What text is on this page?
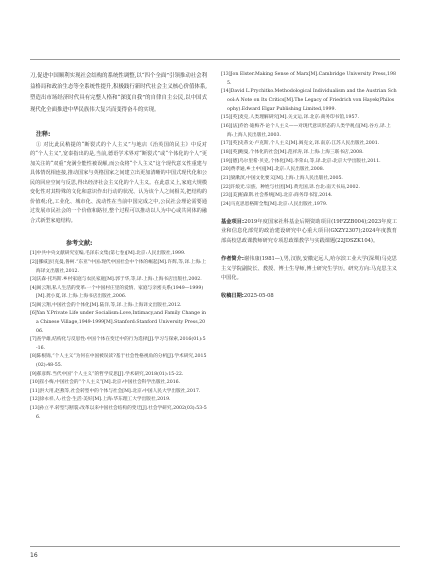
刀,促进中国顺利实现社会结构的系统性调整,以“四个全面”引领推动社会利益格局和政治生态等全系统性提升,积极践行新时代社会主义核心价值体系,塑造出市场经济时代具有完整人格和“深度自我”的自律自主公民,以中国式现代化全面推进中华民族伟大复兴而变得奋斗的实现。

注释:

① 对比此民稍提的“断裂式的个人主义”与地店《治英国的民主》中反对的“个人主义”,宽泰指出的是,当前,德语学术界对“断裂式”或“个体化的个人”更加关注的“双重”充满全能性被误解,而公众将“个人主义”这个现代意义性重建与具体情况相连接,推动国家与英格国家之间建立出更加清晰的中国式现代化和公民的回应空间与反思,得出经济社会主义化的个人主义。在此意义上,家庭大规模变化性对其特殊的文化和意识作出行动的状况、认为该个人之间相关,把结构的价值观;化,工业化、城市化、流动性在当前中国完成之中,公民社会理论需要通过发展市民社会的一个价值和路径,整个过程可以推动以人为中心或共同体的融合式新型家庭结构。

参考文献:
[1]中共中央文献研究室编,毛泽东文集(第七卷)[M].北京:人民出版社,1999.
[2][挪威]贝克曼,鲁柯.“东亚”中国:现代中国社会中个体的崛起[M].许辉,等,译.上海:上海译文出版社,2012.
[3]沃森·托玛斯.乡村家庭与农民家庭[M].郭于华,等,译.上海:上海书店出版社,2002.
[4]阎云翔,私人生活的变革:一个中国村庄里的爱情、家庭与亲密关系(1949—1999)[M].龚小夏,译.上海:上海书店出版社,2006.
[5]阎云翔,中国社会的个体化[M].陆洋,等,译.上海:上海译文出版社,2012.
[6]Yan Y.Private Life under Socialism:Love,Intimacy,and Family Change in a Chinese Village,1949-1999[M].Stanford:Stanford University Press,2006.
[7]查学雄,结构化与反思性:中国个体在变迁中的行为选择[J].学习与探索,2016(01):5-16.
[8]陈根锦,“个人主义”为何在中国被误读?基于社会性格视角的分析[J].学术研究,2015(02):48-55.
[9]郝彦辉.当代中国“个人主义”的哲学反思[J].学术研究,2018(01):15-22.
[10]崔小梅,中国社会的“个人主义”[M].北京:中国社会科学出版社,2016.
[11]洪大用,赵燕等,社会转型中的个体与社会[M].北京:中国人民大学出版社,2017.
[12]徐永祥,人:社会·生活·美好[M].上海:华东理工大学出版社,2019.
[13]孙立平.转型与断裂:改革以来中国社会结构的变迁[J].社会学研究,2002(03):53-56.
[13]Jon Elster.Making Sense of Marx[M].Cambridge University Press,1985.
[14]David L.Prychitko.Methodological Individualism and the Austrian School:A Note on Its Critics[M].The Legacy of Friedrich von Hayek(Philosophy).Edward Elgar Publishing Limited,1999.
[15][英]麦克,人类理解研究[M].关文运,译.北京:商务印书馆,1957.
[16][法]乔治·迪梅齐·论个人主义——对现代意识形态的人类学观点[M].谷方,译.上海:上海人民出版社,2003.
[17][英]史蒂文·卢克斯,个人主义[M].阎克文,译.南京:江苏人民出版社,2001.
[18][英]鲍曼,个体化的社会[M].范祥涛,译.上海:上海三联书店,2008.
[19][德]乌尔里希·贝克,个体化[M].李荣山,等,译.北京:北京大学出版社,2011.
[20]费孝通,乡土中国[M].北京:人民出版社,2008.
[21]梁漱溟,中国文化要义[M].上海:上海人民出版社,2005.
[22]许烺光.宗族、种姓与社团[M].黄光国,译.台北:南天书局,2002.
[23][美]帕森斯.社会系统[M].北京:商务印书馆,2014.
[24]马克思恩格斯全集[M].北京:人民出版社,1979.

基金项目:2019年度国家社科基金后期资助项目(19FZZB004);2023年度工业和信息化部党的政治建设研究中心重大项目(GXZY2307);2024年度教育部高校思政课教师研究专项思政课教学与实践课题(22JDSZK104)。

作者简介:谢伟康(1981—),男,汉族,安徽定远人,哈尔滨工业大学(深圳)马克思主义学院副院长、教授、博士生导师,博士研究生学历。研究方向:马克思主义中国化。

收稿日期:2025-05-08

16
